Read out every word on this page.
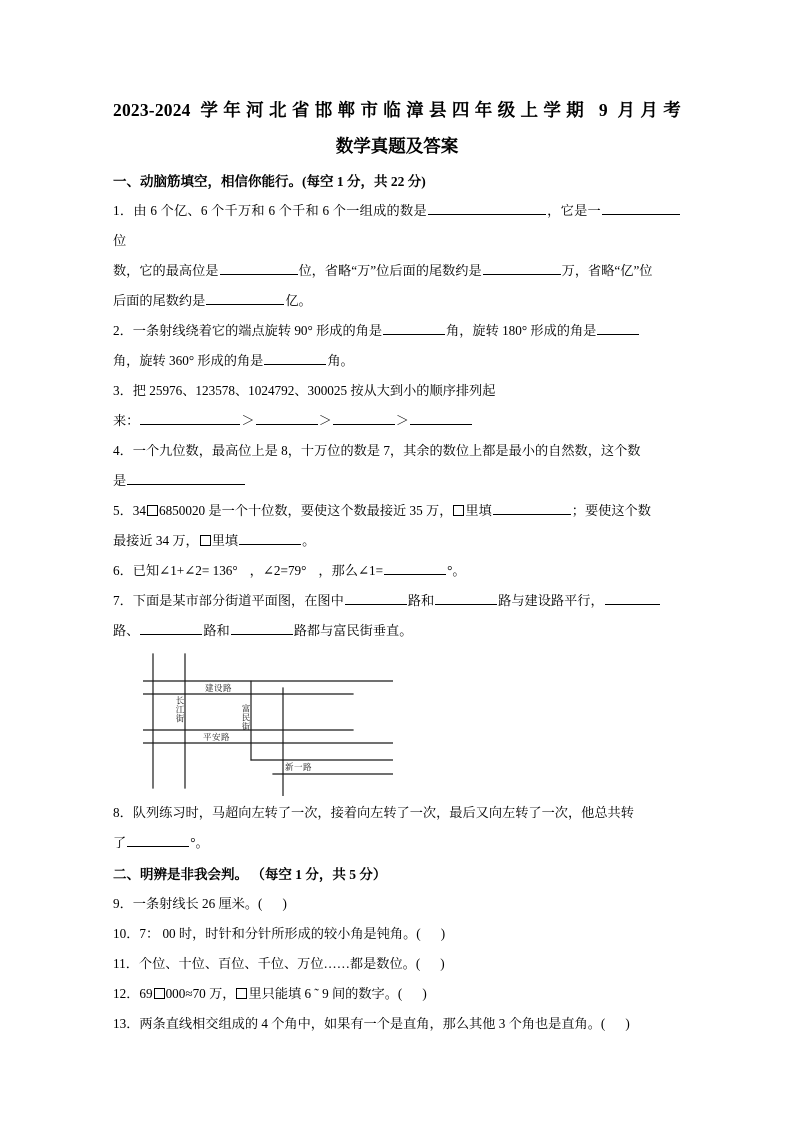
2023-2024 学年河北省邯郸市临漳县四年级上学期 9 月月考
数学真题及答案
一、动脑筋填空，相信你能行。(每空 1 分，共 22 分)
1．由 6 个亿、6 个千万和 6 个千和 6 个一组成的数是	，它是一位
数，它的最高位是	位，省略“万”位后面的尾数约是	万，省略“亿”位
后面的尾数约是	亿。
2．一条射线绕着它的端点旋转 90° 形成的角是	角，旋转 180° 形成的角是
角，旋转 360° 形成的角是	角。
3．把 25976、123578、1024792、300025 按从大到小的顺序排列起
来：	＞	＞	＞
4．一个九位数，最高位上是 8，十万位的数是 7，其余的数位上都是最小的自然数，这个数
是
5．34 6850020 是一个十位数，要使这个数最接近 35 万， 里填	；要使这个数
最接近 34 万， 里填	。
6．已知∠1+∠2= 136° ，∠2=79° ，那么∠1=	°。
7．下面是某市部分街道平面图，在图中	路和	路与建设路平行，
路、	路和	路都与富民街垂直。
建设路
长江街
平安路
富民街
新一路
8．队列练习时，马超向左转了一次，接着向左转了一次，最后又向左转了一次，他总共转
了	°。
二、明辨是非我会判。 （每空 1 分，共 5 分）
9．一条射线长 26 厘米。( )
10．7： 00 时，时针和分针所形成的较小角是钝角。( )
11．个位、十位、百位、千位、万位……都是数位。( )
12．69 000≈70 万， 里只能填 6 ˜ 9 间的数字。( )
13．两条直线相交组成的 4 个角中，如果有一个是直角，那么其他 3 个角也是直角。( )
